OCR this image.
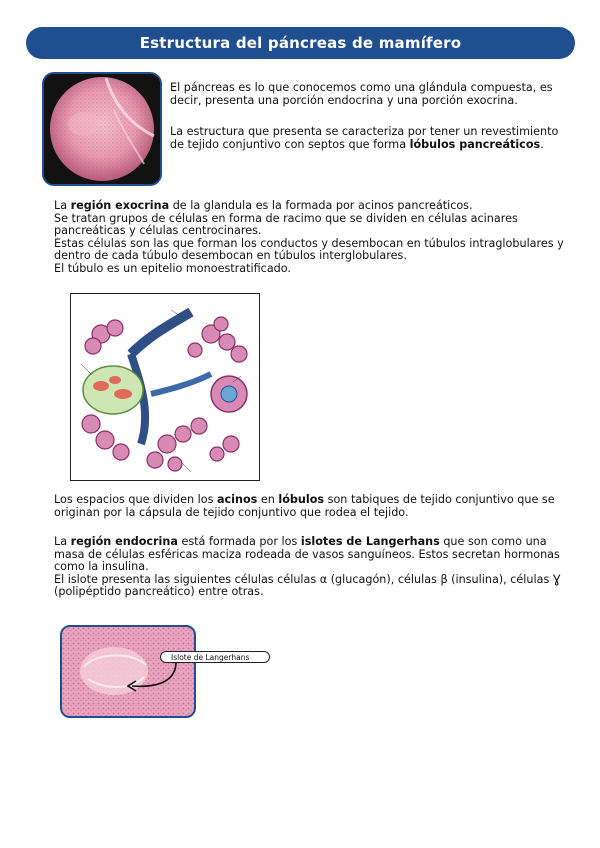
Estructura del páncreas de mamífero
El páncreas es lo que conocemos como una glándula compuesta, es decir, presenta una porción endocrina y una porción exocrina.
La estructura que presenta se caracteriza por tener un revestimiento de tejido conjuntivo con septos que forma lóbulos pancreáticos.
La región exocrina de la glandula es la formada por acinos pancreáticos.
Se tratan grupos de células en forma de racimo que se dividen en células acinares pancreáticas y células centrocinares.
Estas células son las que forman los conductos y desembocan en túbulos intraglobulares y dentro de cada túbulo desembocan en túbulos interglobulares.
El túbulo es un epitelio monoestratificado.
Los espacios que dividen los acinos en lóbulos son tabiques de tejido conjuntivo que se originan por la cápsula de tejido conjuntivo que rodea el tejido.
La región endocrina está formada por los islotes de Langerhans que son como una masa de células esféricas maciza rodeada de vasos sanguíneos. Estos secretan hormonas como la insulina.
El islote presenta las siguientes células células α (glucagón), células β (insulina), células Ɣ (polipéptido pancreático) entre otras.
Islote de Langerhans
